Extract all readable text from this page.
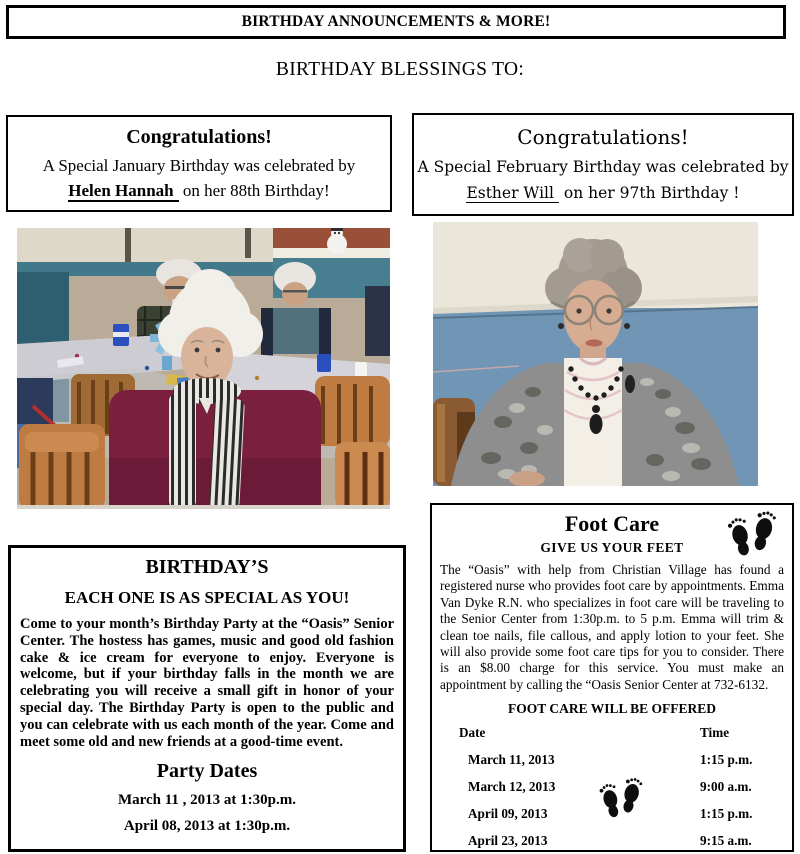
BIRTHDAY ANNOUNCEMENTS & MORE!
BIRTHDAY BLESSINGS TO:
Congratulations!
A Special January Birthday was celebrated by
Helen Hannah on her 88th Birthday!
Congratulations!
A Special February Birthday was celebrated by
Esther Will on her 97th Birthday !
BIRTHDAY’S
EACH ONE IS AS SPECIAL AS YOU!
Come to your month’s Birthday Party at the “Oasis” Senior Center. The hostess has games, music and good old fashion cake & ice cream for everyone to enjoy. Everyone is welcome, but if your birthday falls in the month we are celebrating you will receive a small gift in honor of your special day. The Birthday Party is open to the public and you can celebrate with us each month of the year. Come and meet some old and new friends at a good-time event.
Party Dates
March 11 , 2013 at 1:30p.m.
April 08, 2013 at 1:30p.m.
Foot Care
GIVE US YOUR FEET
The “Oasis” with help from Christian Village has found a registered nurse who provides foot care by appointments. Emma Van Dyke R.N. who specializes in foot care will be traveling to the Senior Center from 1:30p.m. to 5 p.m. Emma will trim & clean toe nails, file callous, and apply lotion to your feet. She will also provide some foot care tips for you to consider. There is an $8.00 charge for this service. You must make an appointment by calling the “Oasis Senior Center at 732-6132.
FOOT CARE WILL BE OFFERED
Date	Time
March 11, 2013	1:15 p.m.
March 12, 2013	9:00 a.m.
April 09, 2013	1:15 p.m.
April 23, 2013	9:15 a.m.
